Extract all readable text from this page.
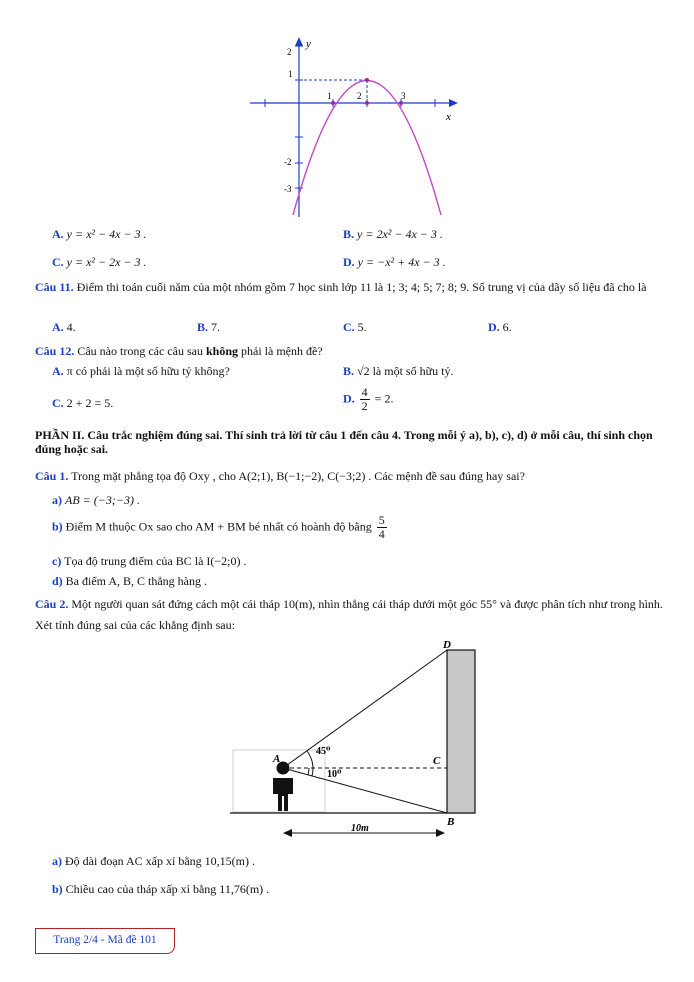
y
x
2
1
-2
-3
1	2	3
A. y = x² − 4x − 3 .	B. y = 2x² − 4x − 3 .
C. y = x² − 2x − 3 .	D. y = −x² + 4x − 3 .
Câu 11. Điểm thi toán cuối năm của một nhóm gồm 7 học sinh lớp 11 là 1; 3; 4; 5; 7; 8; 9. Số trung vị của dãy số liệu đã cho là
A. 4.	B. 7.	C. 5.	D. 6.
Câu 12. Câu nào trong các câu sau không phải là mệnh đề?
A. π có phải là một số hữu tỷ không?	B. √2 là một số hữu tỷ.
C. 2 + 2 = 5.	D. $\frac{4}{2} = 2$.
PHẦN II. Câu trắc nghiệm đúng sai. Thí sinh trả lời từ câu 1 đến câu 4. Trong mỗi ý a), b), c), d) ở mỗi câu, thí sinh chọn đúng hoặc sai.
Câu 1. Trong mặt phẳng tọa độ Oxy , cho A(2;1), B(−1;−2), C(−3;2) . Các mệnh đề sau đúng hay sai?
a) AB = (−3;−3) .
b) Điểm M thuộc Ox sao cho AM + BM bé nhất có hoành độ bằng $\frac{5}{4}$
c) Tọa độ trung điểm của BC là I(−2;0) .
d) Ba điểm A, B, C thẳng hàng .
Câu 2. Một người quan sát đứng cách một cái tháp 10(m), nhìn thẳng cái tháp dưới một góc 55° và được phân tích như trong hình. Xét tính đúng sai của các khẳng định sau:
D
A	C
B
45⁰
10⁰
10m
a) Độ dài đoạn AC xấp xỉ bằng 10,15(m) .
b) Chiều cao của tháp xấp xỉ bằng 11,76(m) .
Trang 2/4 - Mã đề 101
